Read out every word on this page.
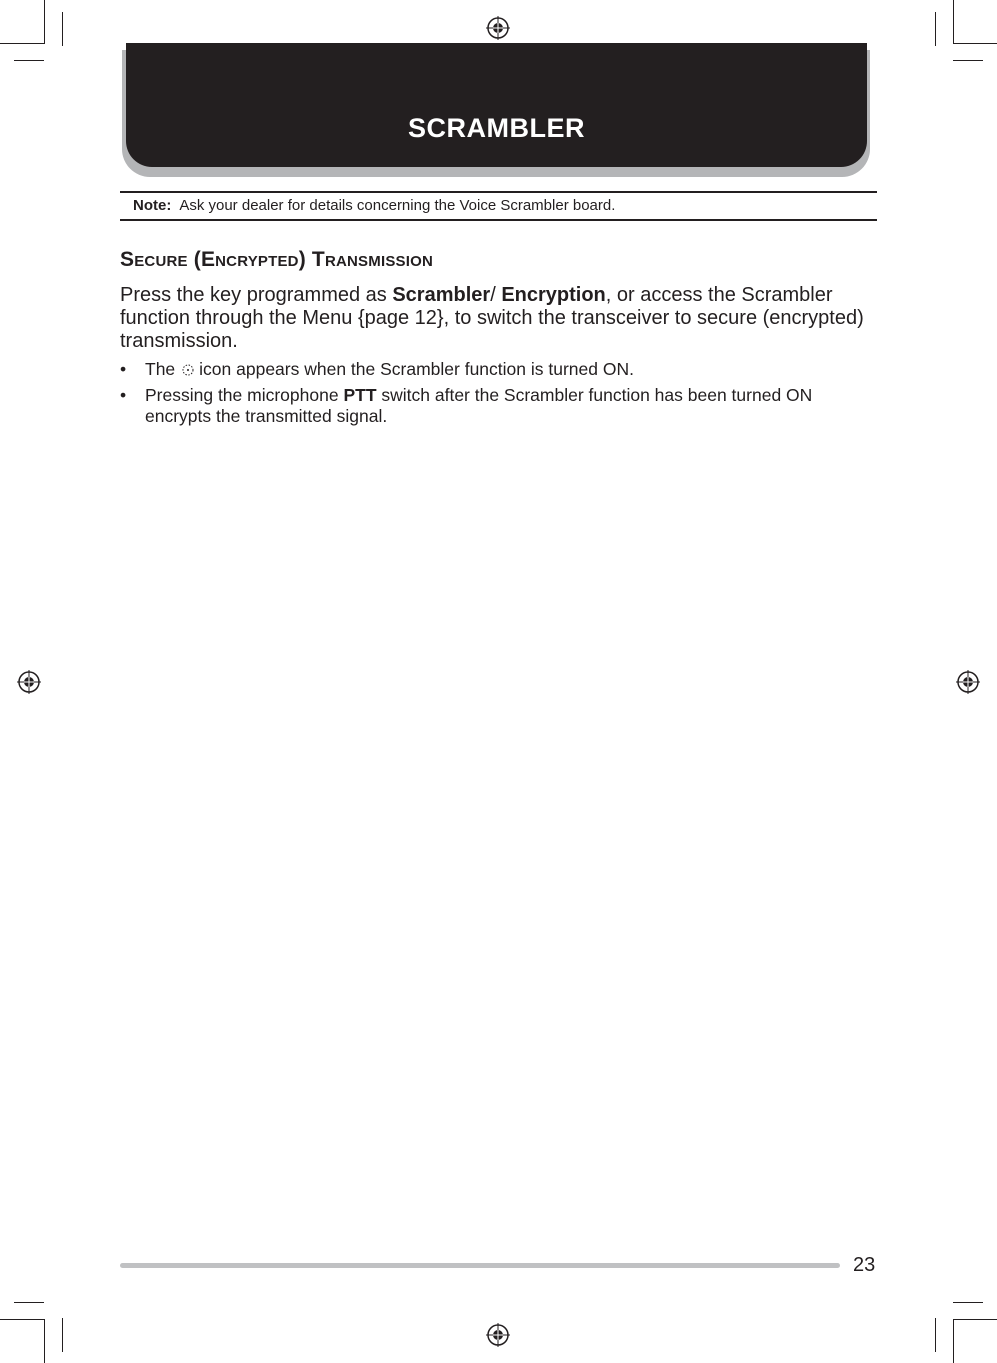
SCRAMBLER
Note: Ask your dealer for details concerning the Voice Scrambler board.
Secure (Encrypted) Transmission
Press the key programmed as Scrambler/ Encryption, or access the Scrambler function through the Menu {page 12}, to switch the transceiver to secure (encrypted) transmission.
• The icon appears when the Scrambler function is turned ON.
• Pressing the microphone PTT switch after the Scrambler function has been turned ON encrypts the transmitted signal.
23
